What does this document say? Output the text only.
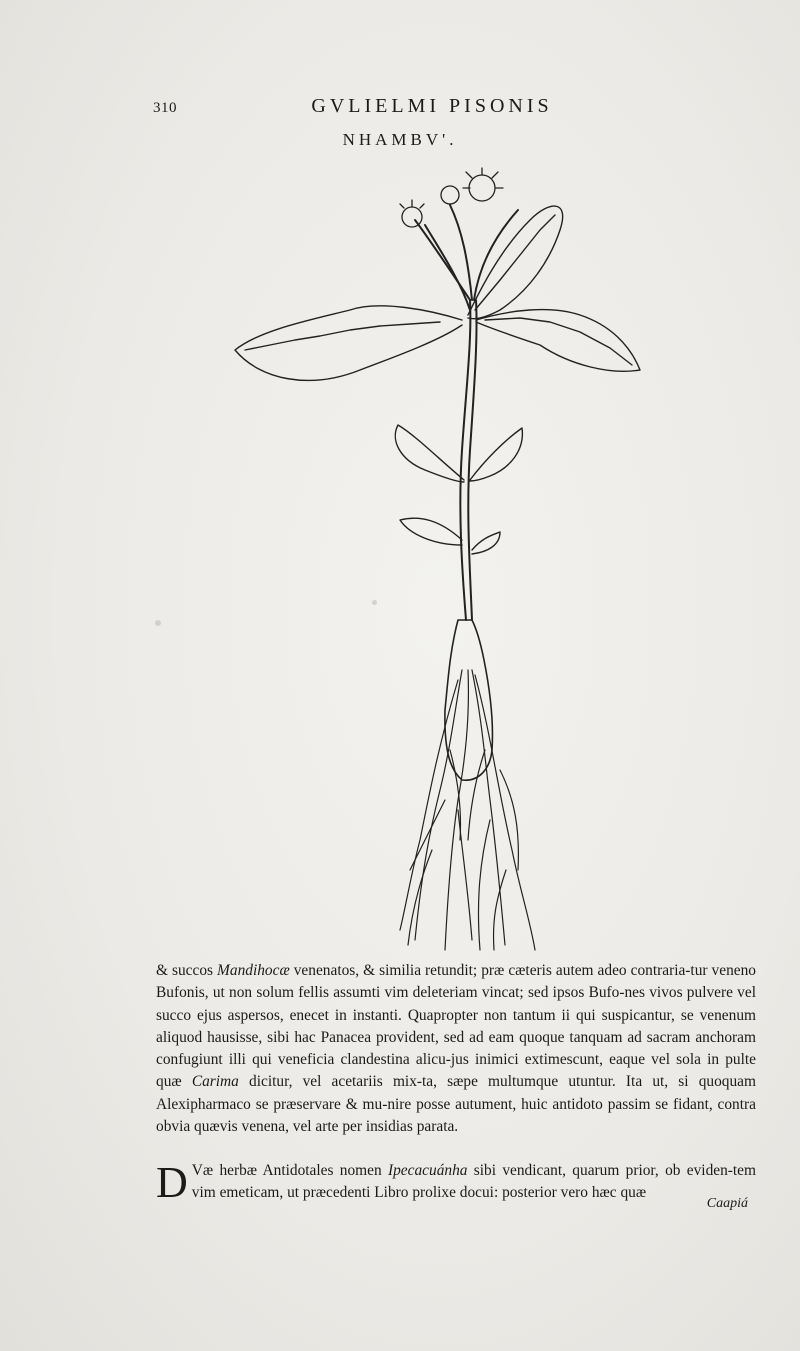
310	GVLIELMI PISONIS
NHAMBV'.
& succos Mandihocæ venenatos, & similia retundit; præ cæteris autem adeo contraria-tur veneno Bufonis, ut non solum fellis assumti vim deleteriam vincat; sed ipsos Bufo-nes vivos pulvere vel succo ejus aspersos, enecet in instanti. Quapropter non tantum ii qui suspicantur, se venenum aliquod hausisse, sibi hac Panacea provident, sed ad eam quoque tanquam ad sacram anchoram confugiunt illi qui veneficia clandestina alicu-jus inimici extimescunt, eaque vel sola in pulte quæ Carima dicitur, vel acetariis mix-ta, sæpe multumque utuntur. Ita ut, si quoquam Alexipharmaco se præservare & mu-nire posse autument, huic antidoto passim se fidant, contra obvia quævis venena, vel arte per insidias parata.
D Væ herbæ Antidotales nomen Ipecacuánha sibi vendicant, quarum prior, ob eviden-tem vim emeticam, ut præcedenti Libro prolixe docui: posterior vero hæc quæ
Caapiá
